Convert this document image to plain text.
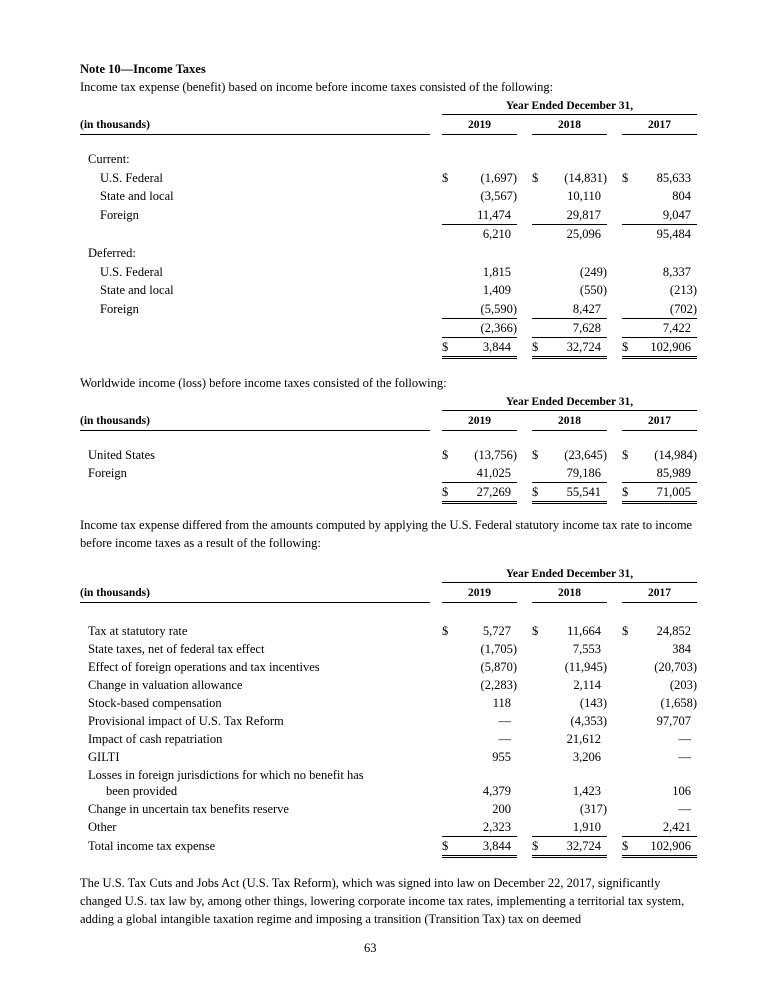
Note 10—Income Taxes
Income tax expense (benefit) based on income before income taxes consisted of the following:
Year Ended December 31,
(in thousands)	2019	2018	2017
Current:
U.S. Federal	$	(1,697) $ (14,831) $ 85,633
State and local	(3,567)	10,110	804
Foreign	11,474	29,817	9,047
6,210	25,096	95,484
Deferred:
U.S. Federal	1,815	(249)	8,337
State and local	1,409	(550)	(213)
Foreign	(5,590)	8,427	(702)
(2,366)	7,628	7,422
$	3,844 $ 32,724 $ 102,906
Worldwide income (loss) before income taxes consisted of the following:
Year Ended December 31,
(in thousands)	2019	2018	2017
United States	$ (13,756) $ (23,645) $ (14,984)
Foreign	41,025	79,186	85,989
$ 27,269 $ 55,541 $ 71,005
Income tax expense differed from the amounts computed by applying the U.S. Federal statutory income tax rate to income before income taxes as a result of the following:
Year Ended December 31,
(in thousands)	2019	2018	2017
Tax at statutory rate	$	5,727 $ 11,664 $ 24,852
State taxes, net of federal tax effect	(1,705)	7,553	384
Effect of foreign operations and tax incentives	(5,870)	(11,945)	(20,703)
Change in valuation allowance	(2,283)	2,114	(203)
Stock-based compensation	118	(143)	(1,658)
Provisional impact of U.S. Tax Reform	—	(4,353)	97,707
Impact of cash repatriation	—	21,612	—
GILTI	955	3,206	—
Losses in foreign jurisdictions for which no benefit has
been provided	4,379	1,423	106
Change in uncertain tax benefits reserve	200	(317)	—
Other	2,323	1,910	2,421
Total income tax expense	$	3,844 $ 32,724 $ 102,906
The U.S. Tax Cuts and Jobs Act (U.S. Tax Reform), which was signed into law on December 22, 2017, significantly changed U.S. tax law by, among other things, lowering corporate income tax rates, implementing a territorial tax system, adding a global intangible taxation regime and imposing a transition (Transition Tax) tax on deemed
63
